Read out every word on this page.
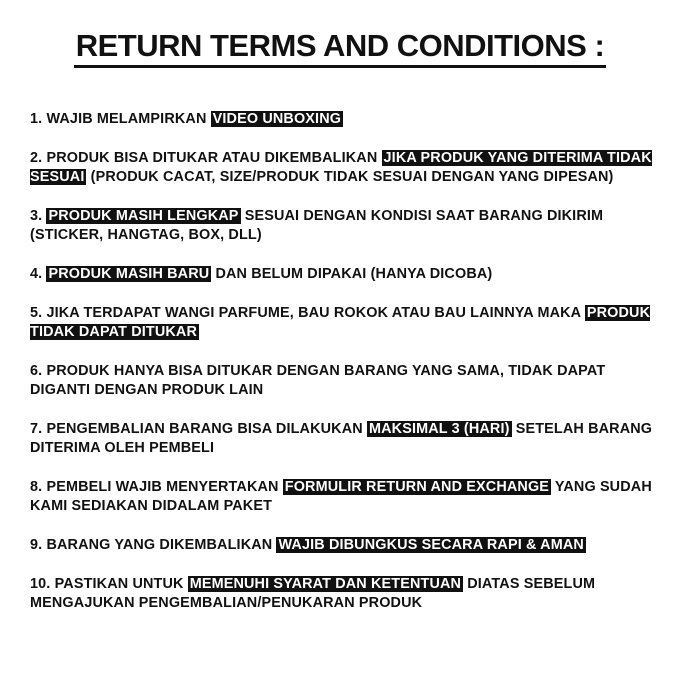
RETURN TERMS AND CONDITIONS :
1. WAJIB MELAMPIRKAN VIDEO UNBOXING
2. PRODUK BISA DITUKAR ATAU DIKEMBALIKAN JIKA PRODUK YANG DITERIMA TIDAK SESUAI (PRODUK CACAT, SIZE/PRODUK TIDAK SESUAI DENGAN YANG DIPESAN)
3. PRODUK MASIH LENGKAP SESUAI DENGAN KONDISI SAAT BARANG DIKIRIM (STICKER, HANGTAG, BOX, DLL)
4. PRODUK MASIH BARU DAN BELUM DIPAKAI (HANYA DICOBA)
5. JIKA TERDAPAT WANGI PARFUME, BAU ROKOK ATAU BAU LAINNYA MAKA PRODUK TIDAK DAPAT DITUKAR
6. PRODUK HANYA BISA DITUKAR DENGAN BARANG YANG SAMA, TIDAK DAPAT DIGANTI DENGAN PRODUK LAIN
7. PENGEMBALIAN BARANG BISA DILAKUKAN MAKSIMAL 3 (HARI) SETELAH BARANG DITERIMA OLEH PEMBELI
8. PEMBELI WAJIB MENYERTAKAN FORMULIR RETURN AND EXCHANGE YANG SUDAH KAMI SEDIAKAN DIDALAM PAKET
9. BARANG YANG DIKEMBALIKAN WAJIB DIBUNGKUS SECARA RAPI & AMAN
10. PASTIKAN UNTUK MEMENUHI SYARAT DAN KETENTUAN DIATAS SEBELUM MENGAJUKAN PENGEMBALIAN/PENUKARAN PRODUK
